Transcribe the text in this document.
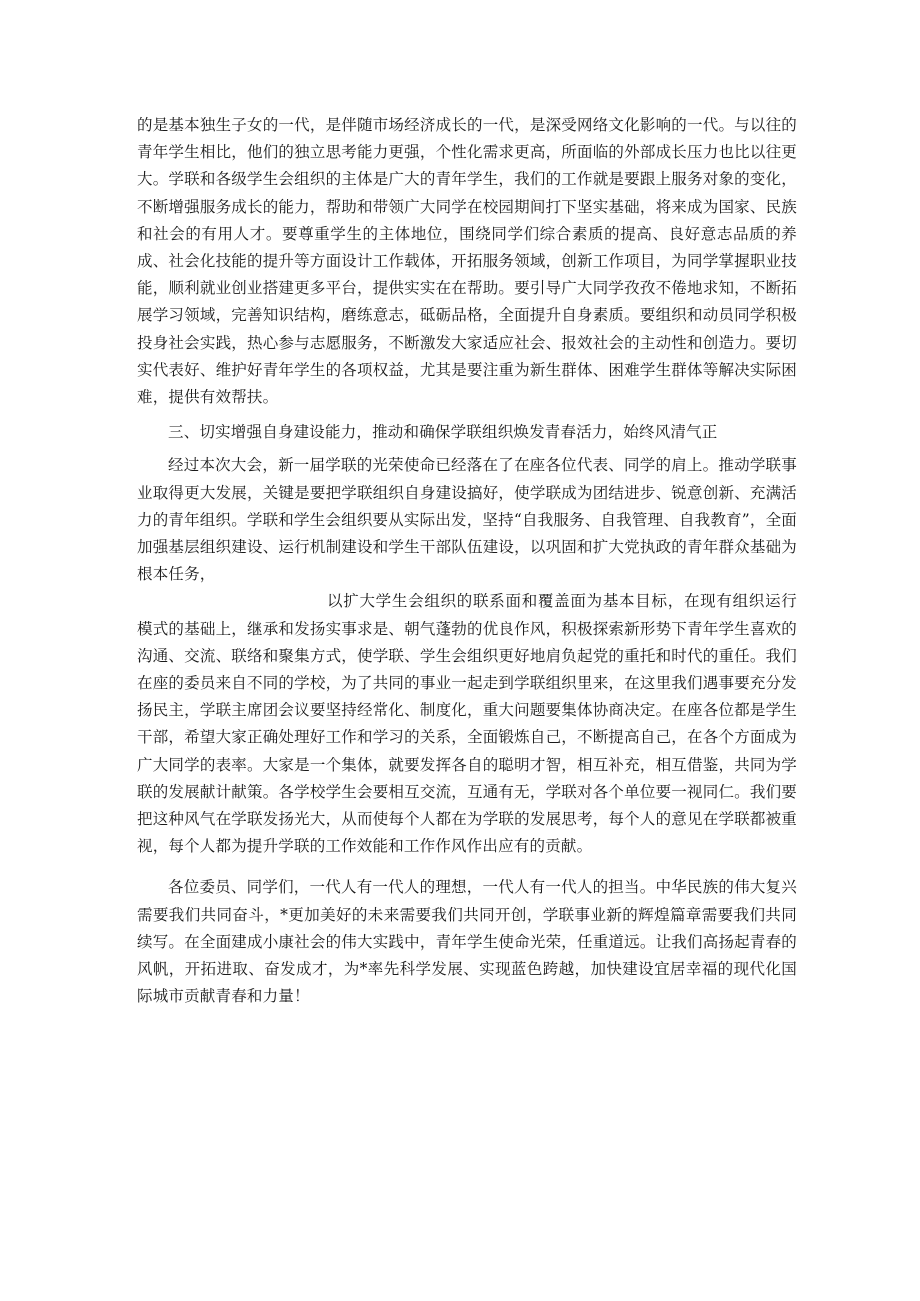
的是基本独生子女的一代，是伴随市场经济成长的一代，是深受网络文化影响的一代。与以往的青年学生相比，他们的独立思考能力更强，个性化需求更高，所面临的外部成长压力也比以往更大。学联和各级学生会组织的主体是广大的青年学生，我们的工作就是要跟上服务对象的变化，不断增强服务成长的能力，帮助和带领广大同学在校园期间打下坚实基础，将来成为国家、民族和社会的有用人才。要尊重学生的主体地位，围绕同学们综合素质的提高、良好意志品质的养成、社会化技能的提升等方面设计工作载体，开拓服务领域，创新工作项目，为同学掌握职业技能，顺利就业创业搭建更多平台，提供实实在在帮助。要引导广大同学孜孜不倦地求知，不断拓展学习领域，完善知识结构，磨练意志，砥砺品格，全面提升自身素质。要组织和动员同学积极投身社会实践，热心参与志愿服务，不断激发大家适应社会、报效社会的主动性和创造力。要切实代表好、维护好青年学生的各项权益，尤其是要注重为新生群体、困难学生群体等解决实际困难，提供有效帮扶。

三、切实增强自身建设能力，推动和确保学联组织焕发青春活力，始终风清气正

经过本次大会，新一届学联的光荣使命已经落在了在座各位代表、同学的肩上。推动学联事业取得更大发展，关键是要把学联组织自身建设搞好，使学联成为团结进步、锐意创新、充满活力的青年组织。学联和学生会组织要从实际出发，坚持“自我服务、自我管理、自我教育”，全面加强基层组织建设、运行机制建设和学生干部队伍建设，以巩固和扩大党执政的青年群众基础为根本任务，

以扩大学生会组织的联系面和覆盖面为基本目标，在现有组织运行模式的基础上，继承和发扬实事求是、朝气蓬勃的优良作风，积极探索新形势下青年学生喜欢的沟通、交流、联络和聚集方式，使学联、学生会组织更好地肩负起党的重托和时代的重任。我们在座的委员来自不同的学校，为了共同的事业一起走到学联组织里来，在这里我们遇事要充分发扬民主，学联主席团会议要坚持经常化、制度化，重大问题要集体协商决定。在座各位都是学生干部，希望大家正确处理好工作和学习的关系，全面锻炼自己，不断提高自己，在各个方面成为广大同学的表率。大家是一个集体，就要发挥各自的聪明才智，相互补充，相互借鉴，共同为学联的发展献计献策。各学校学生会要相互交流，互通有无，学联对各个单位要一视同仁。我们要把这种风气在学联发扬光大，从而使每个人都在为学联的发展思考，每个人的意见在学联都被重视，每个人都为提升学联的工作效能和工作作风作出应有的贡献。

各位委员、同学们，一代人有一代人的理想，一代人有一代人的担当。中华民族的伟大复兴需要我们共同奋斗，*更加美好的未来需要我们共同开创，学联事业新的辉煌篇章需要我们共同续写。在全面建成小康社会的伟大实践中，青年学生使命光荣，任重道远。让我们高扬起青春的风帆，开拓进取、奋发成才，为*率先科学发展、实现蓝色跨越，加快建设宜居幸福的现代化国际城市贡献青春和力量！
